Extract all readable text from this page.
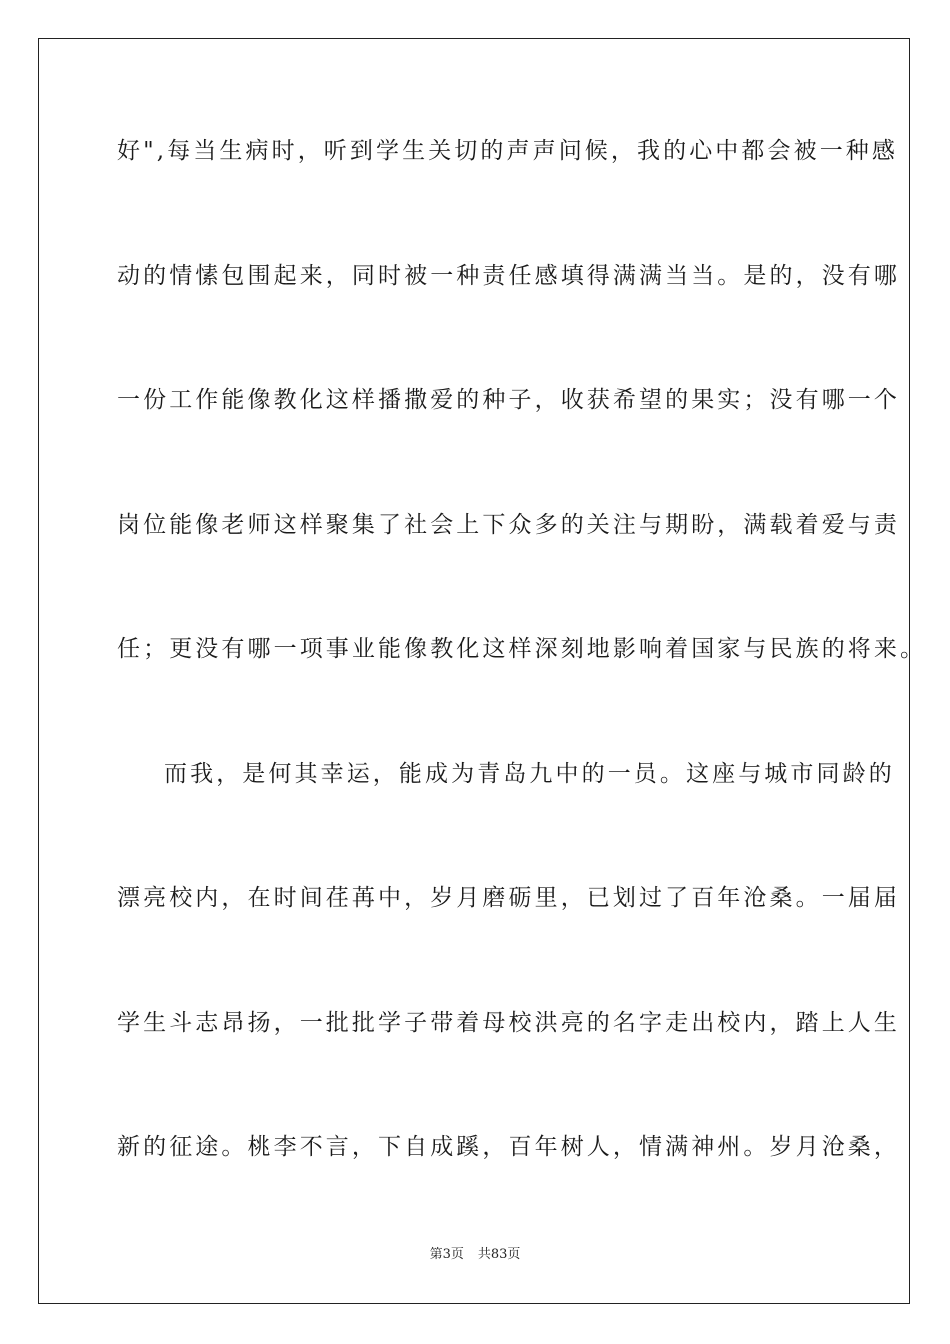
好",每当生病时，听到学生关切的声声问候，我的心中都会被一种感
动的情愫包围起来，同时被一种责任感填得满满当当。是的，没有哪
一份工作能像教化这样播撒爱的种子，收获希望的果实；没有哪一个
岗位能像老师这样聚集了社会上下众多的关注与期盼，满载着爱与责
任；更没有哪一项事业能像教化这样深刻地影响着国家与民族的将来。
而我，是何其幸运，能成为青岛九中的一员。这座与城市同龄的
漂亮校内，在时间荏苒中，岁月磨砺里，已划过了百年沧桑。一届届
学生斗志昂扬，一批批学子带着母校洪亮的名字走出校内，踏上人生
新的征途。桃李不言，下自成蹊，百年树人，情满神州。岁月沧桑，
第3页 共83页
